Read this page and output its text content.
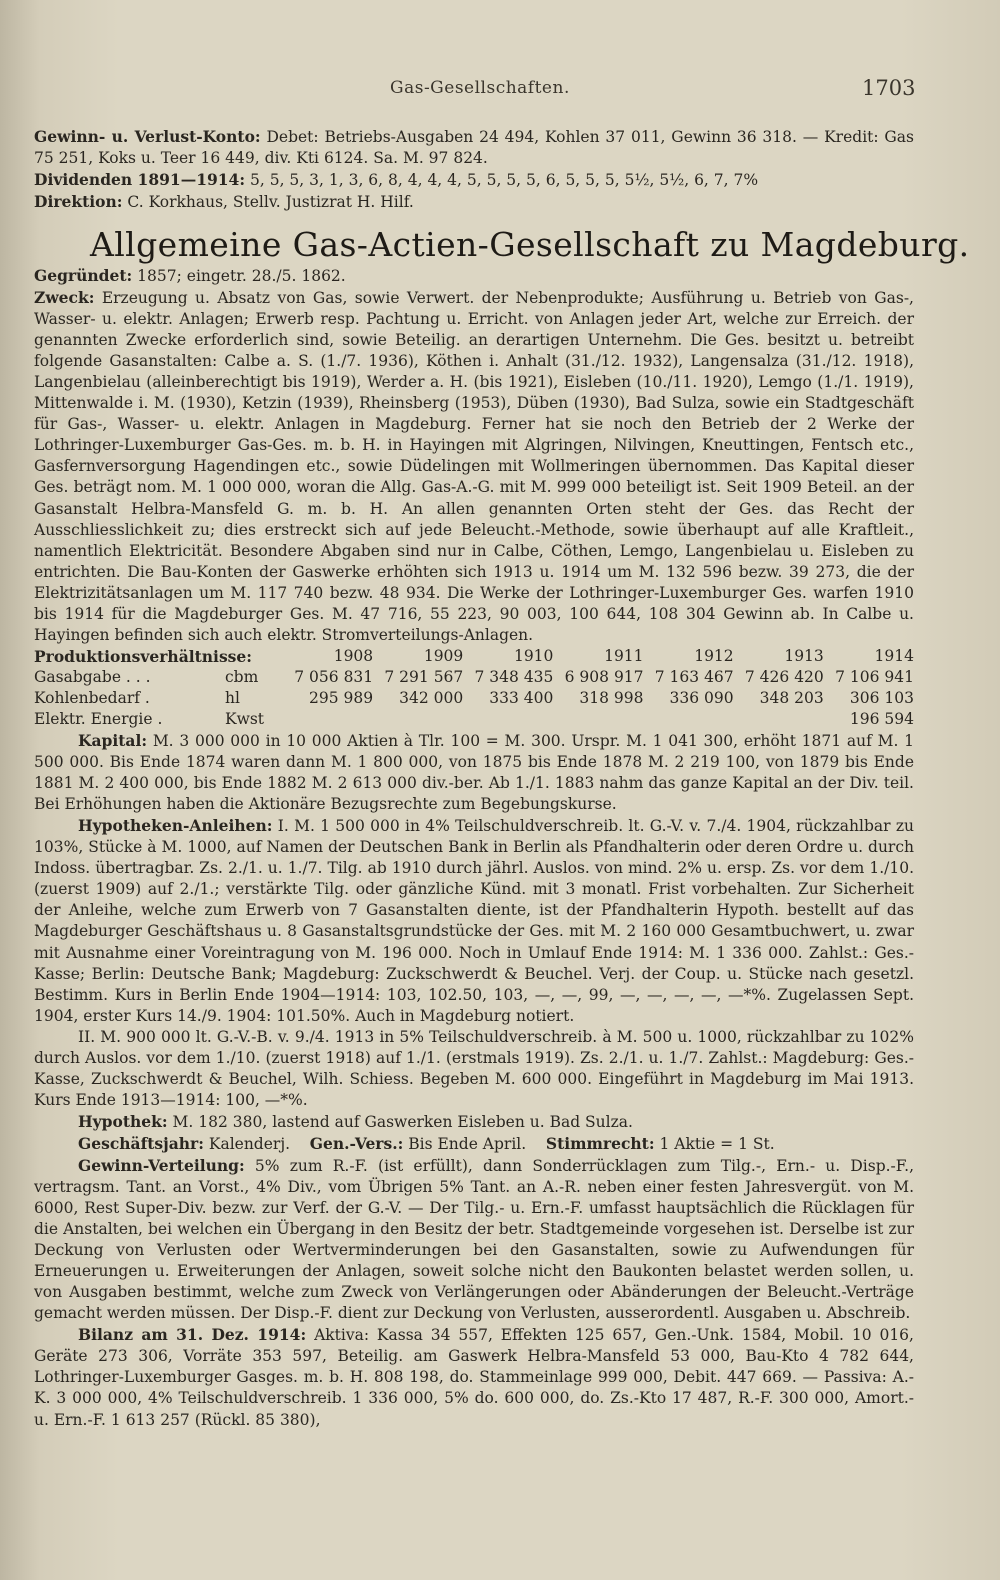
Gas-Gesellschaften.	1703

Gewinn- u. Verlust-Konto: Debet: Betriebs-Ausgaben 24 494, Kohlen 37 011, Gewinn 36 318. — Kredit: Gas 75 251, Koks u. Teer 16 449, div. Kti 6124. Sa. M. 97 824.

Dividenden 1891—1914: 5, 5, 5, 3, 1, 3, 6, 8, 4, 4, 4, 5, 5, 5, 5, 6, 5, 5, 5, 5½, 5½, 6, 7, 7%

Direktion: C. Korkhaus, Stellv. Justizrat H. Hilf.

Allgemeine Gas-Actien-Gesellschaft zu Magdeburg.

Gegründet: 1857; eingetr. 28./5. 1862.

Zweck: Erzeugung u. Absatz von Gas, sowie Verwert. der Nebenprodukte; Ausführung u. Betrieb von Gas-, Wasser- u. elektr. Anlagen; Erwerb resp. Pachtung u. Erricht. von Anlagen jeder Art, welche zur Erreich. der genannten Zwecke erforderlich sind, sowie Beteilig. an derartigen Unternehm. Die Ges. besitzt u. betreibt folgende Gasanstalten: Calbe a. S. (1./7. 1936), Köthen i. Anhalt (31./12. 1932), Langensalza (31./12. 1918), Langenbielau (alleinberechtigt bis 1919), Werder a. H. (bis 1921), Eisleben (10./11. 1920), Lemgo (1./1. 1919), Mittenwalde i. M. (1930), Ketzin (1939), Rheinsberg (1953), Düben (1930), Bad Sulza, sowie ein Stadtgeschäft für Gas-, Wasser- u. elektr. Anlagen in Magdeburg. Ferner hat sie noch den Betrieb der 2 Werke der Lothringer-Luxemburger Gas-Ges. m. b. H. in Hayingen mit Algringen, Nilvingen, Kneuttingen, Fentsch etc., Gasfernversorgung Hagendingen etc., sowie Düdelingen mit Wollmeringen übernommen. Das Kapital dieser Ges. beträgt nom. M. 1 000 000, woran die Allg. Gas-A.-G. mit M. 999 000 beteiligt ist. Seit 1909 Beteil. an der Gasanstalt Helbra-Mansfeld G. m. b. H. An allen genannten Orten steht der Ges. das Recht der Ausschliesslichkeit zu; dies erstreckt sich auf jede Beleucht.-Methode, sowie überhaupt auf alle Kraftleit., namentlich Elektricität. Besondere Abgaben sind nur in Calbe, Cöthen, Lemgo, Langenbielau u. Eisleben zu entrichten. Die Bau-Konten der Gaswerke erhöhten sich 1913 u. 1914 um M. 132 596 bezw. 39 273, die der Elektrizitätsanlagen um M. 117 740 bezw. 48 934. Die Werke der Lothringer-Luxemburger Ges. warfen 1910 bis 1914 für die Magdeburger Ges. M. 47 716, 55 223, 90 003, 100 644, 108 304 Gewinn ab. In Calbe u. Hayingen befinden sich auch elektr. Stromverteilungs-Anlagen.

Produktionsverhältnisse:		1908	1909	1910	1911	1912	1913	1914
Gasabgabe . . .	cbm	7 056 831	7 291 567	7 348 435	6 908 917	7 163 467	7 426 420	7 106 941
Kohlenbedarf .	hl	295 989	342 000	333 400	318 998	336 090	348 203	306 103
Elektr. Energie .	Kwst							196 594

Kapital: M. 3 000 000 in 10 000 Aktien à Tlr. 100 = M. 300. Urspr. M. 1 041 300, erhöht 1871 auf M. 1 500 000. Bis Ende 1874 waren dann M. 1 800 000, von 1875 bis Ende 1878 M. 2 219 100, von 1879 bis Ende 1881 M. 2 400 000, bis Ende 1882 M. 2 613 000 div.-ber. Ab 1./1. 1883 nahm das ganze Kapital an der Div. teil. Bei Erhöhungen haben die Aktionäre Bezugsrechte zum Begebungskurse.

Hypotheken-Anleihen: I. M. 1 500 000 in 4% Teilschuldverschreib. lt. G.-V. v. 7./4. 1904, rückzahlbar zu 103%, Stücke à M. 1000, auf Namen der Deutschen Bank in Berlin als Pfandhalterin oder deren Ordre u. durch Indoss. übertragbar. Zs. 2./1. u. 1./7. Tilg. ab 1910 durch jährl. Auslos. von mind. 2% u. ersp. Zs. vor dem 1./10. (zuerst 1909) auf 2./1.; verstärkte Tilg. oder gänzliche Künd. mit 3 monatl. Frist vorbehalten. Zur Sicherheit der Anleihe, welche zum Erwerb von 7 Gasanstalten diente, ist der Pfandhalterin Hypoth. bestellt auf das Magdeburger Geschäftshaus u. 8 Gasanstaltsgrundstücke der Ges. mit M. 2 160 000 Gesamtbuchwert, u. zwar mit Ausnahme einer Voreintragung von M. 196 000. Noch in Umlauf Ende 1914: M. 1 336 000. Zahlst.: Ges.-Kasse; Berlin: Deutsche Bank; Magdeburg: Zuckschwerdt & Beuchel. Verj. der Coup. u. Stücke nach gesetzl. Bestimm. Kurs in Berlin Ende 1904—1914: 103, 102.50, 103, —, —, 99, —, —, —, —, —*%. Zugelassen Sept. 1904, erster Kurs 14./9. 1904: 101.50%. Auch in Magdeburg notiert.

II. M. 900 000 lt. G.-V.-B. v. 9./4. 1913 in 5% Teilschuldverschreib. à M. 500 u. 1000, rückzahlbar zu 102% durch Auslos. vor dem 1./10. (zuerst 1918) auf 1./1. (erstmals 1919). Zs. 2./1. u. 1./7. Zahlst.: Magdeburg: Ges.-Kasse, Zuckschwerdt & Beuchel, Wilh. Schiess. Begeben M. 600 000. Eingeführt in Magdeburg im Mai 1913. Kurs Ende 1913—1914: 100, —*%.

Hypothek: M. 182 380, lastend auf Gaswerken Eisleben u. Bad Sulza.

Geschäftsjahr: Kalenderj. Gen.-Vers.: Bis Ende April. Stimmrecht: 1 Aktie = 1 St.

Gewinn-Verteilung: 5% zum R.-F. (ist erfüllt), dann Sonderrücklagen zum Tilg.-, Ern.- u. Disp.-F., vertragsm. Tant. an Vorst., 4% Div., vom Übrigen 5% Tant. an A.-R. neben einer festen Jahresvergüt. von M. 6000, Rest Super-Div. bezw. zur Verf. der G.-V. — Der Tilg.- u. Ern.-F. umfasst hauptsächlich die Rücklagen für die Anstalten, bei welchen ein Übergang in den Besitz der betr. Stadtgemeinde vorgesehen ist. Derselbe ist zur Deckung von Verlusten oder Wertverminderungen bei den Gasanstalten, sowie zu Aufwendungen für Erneuerungen u. Erweiterungen der Anlagen, soweit solche nicht den Baukonten belastet werden sollen, u. von Ausgaben bestimmt, welche zum Zweck von Verlängerungen oder Abänderungen der Beleucht.-Verträge gemacht werden müssen. Der Disp.-F. dient zur Deckung von Verlusten, ausserordentl. Ausgaben u. Abschreib.

Bilanz am 31. Dez. 1914: Aktiva: Kassa 34 557, Effekten 125 657, Gen.-Unk. 1584, Mobil. 10 016, Geräte 273 306, Vorräte 353 597, Beteilig. am Gaswerk Helbra-Mansfeld 53 000, Bau-Kto 4 782 644, Lothringer-Luxemburger Gasges. m. b. H. 808 198, do. Stammeinlage 999 000, Debit. 447 669. — Passiva: A.-K. 3 000 000, 4% Teilschuldverschreib. 1 336 000, 5% do. 600 000, do. Zs.-Kto 17 487, R.-F. 300 000, Amort.- u. Ern.-F. 1 613 257 (Rückl. 85 380),
